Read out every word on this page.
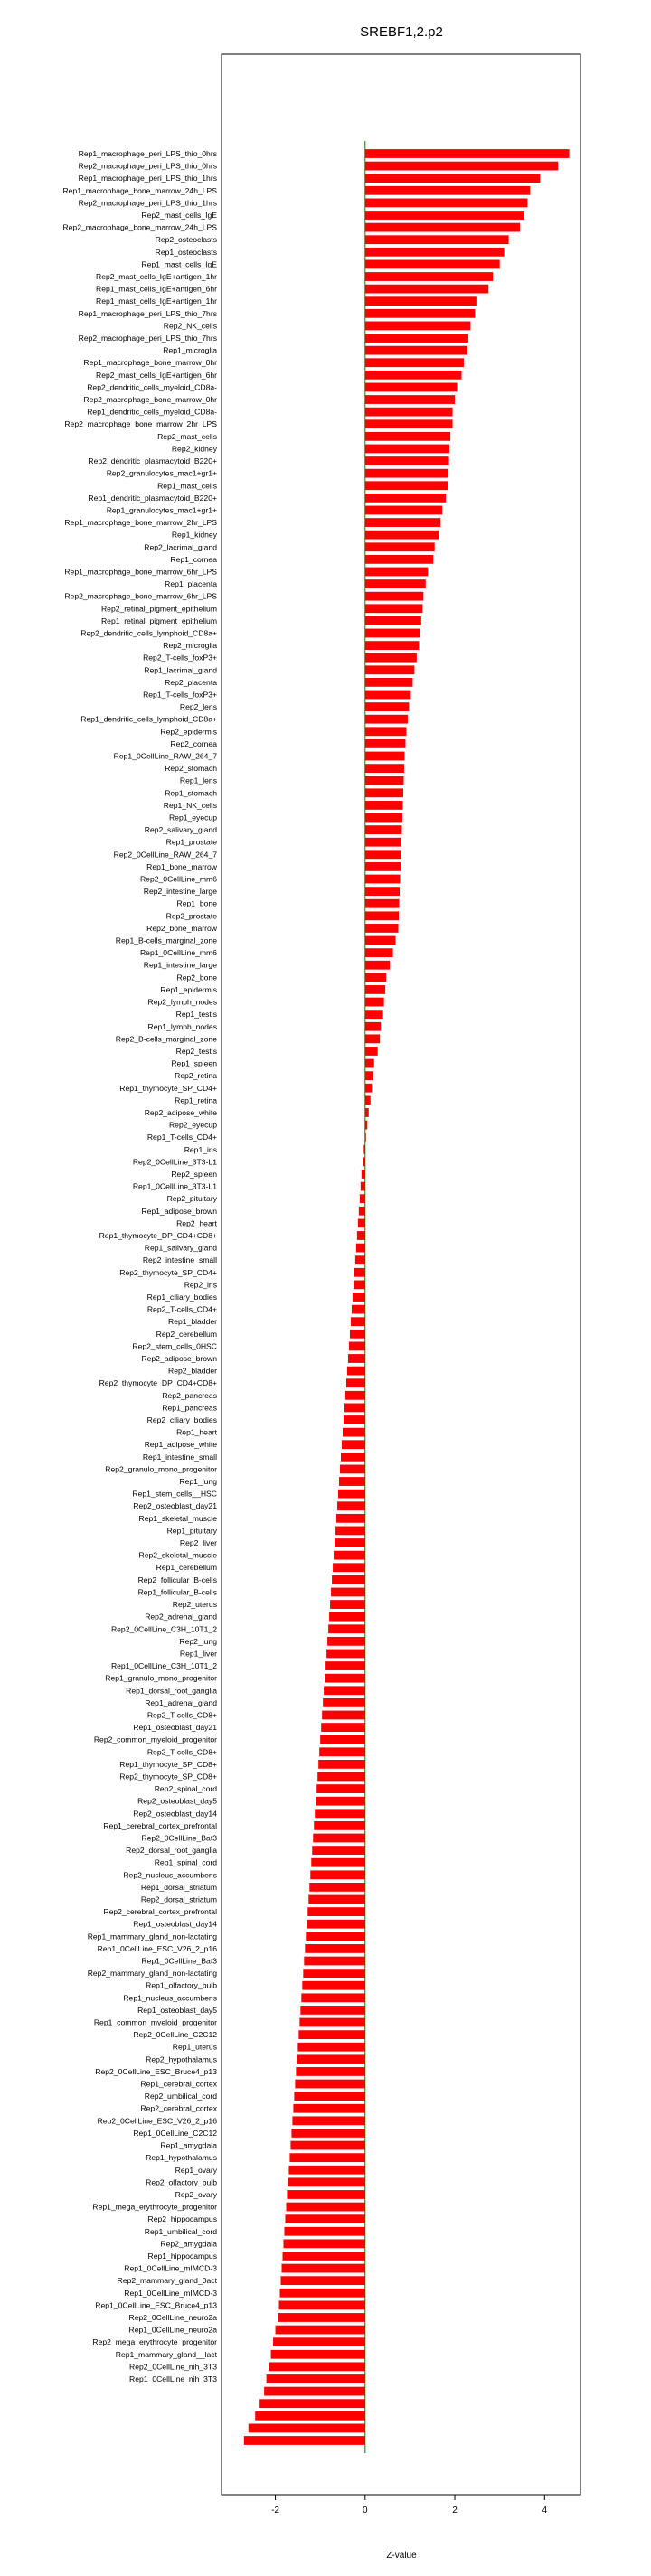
SREBF1,2.p2
Rep1_macrophage_peri_LPS_thio_0hrs
Rep2_macrophage_peri_LPS_thio_0hrs
Rep1_macrophage_peri_LPS_thio_1hrs
Rep1_macrophage_bone_marrow_24h_LPS
Rep2_macrophage_peri_LPS_thio_1hrs
Rep2_mast_cells_IgE
Rep2_macrophage_bone_marrow_24h_LPS
Rep2_osteoclasts
Rep1_osteoclasts
Rep1_mast_cells_IgE
Rep2_mast_cells_IgE+antigen_1hr
Rep1_mast_cells_IgE+antigen_6hr
Rep1_mast_cells_IgE+antigen_1hr
Rep1_macrophage_peri_LPS_thio_7hrs
Rep2_NK_cells
Rep2_macrophage_peri_LPS_thio_7hrs
Rep1_microglia
Rep1_macrophage_bone_marrow_0hr
Rep2_mast_cells_IgE+antigen_6hr
Rep2_dendritic_cells_myeloid_CD8a-
Rep2_macrophage_bone_marrow_0hr
Rep1_dendritic_cells_myeloid_CD8a-
Rep2_macrophage_bone_marrow_2hr_LPS
Rep2_mast_cells
Rep2_kidney
Rep2_dendritic_plasmacytoid_B220+
Rep2_granulocytes_mac1+gr1+
Rep1_mast_cells
Rep1_dendritic_plasmacytoid_B220+
Rep1_granulocytes_mac1+gr1+
Rep1_macrophage_bone_marrow_2hr_LPS
Rep1_kidney
Rep2_lacrimal_gland
Rep1_cornea
Rep1_macrophage_bone_marrow_6hr_LPS
Rep1_placenta
Rep2_macrophage_bone_marrow_6hr_LPS
Rep2_retinal_pigment_epithelium
Rep1_retinal_pigment_epithelium
Rep2_dendritic_cells_lymphoid_CD8a+
Rep2_microglia
Rep2_T-cells_foxP3+
Rep1_lacrimal_gland
Rep2_placenta
Rep1_T-cells_foxP3+
Rep2_lens
Rep1_dendritic_cells_lymphoid_CD8a+
Rep2_epidermis
Rep2_cornea
Rep1_0CellLine_RAW_264_7
Rep2_stomach
Rep1_lens
Rep1_stomach
Rep1_NK_cells
Rep1_eyecup
Rep2_salivary_gland
Rep1_prostate
Rep2_0CellLine_RAW_264_7
Rep1_bone_marrow
Rep2_0CellLine_mm6
Rep2_intestine_large
Rep1_bone
Rep2_prostate
Rep2_bone_marrow
Rep1_B-cells_marginal_zone
Rep1_0CellLine_mm6
Rep1_intestine_large
Rep2_bone
Rep1_epidermis
Rep2_lymph_nodes
Rep1_testis
Rep1_lymph_nodes
Rep2_B-cells_marginal_zone
Rep2_testis
Rep1_spleen
Rep2_retina
Rep1_thymocyte_SP_CD4+
Rep1_retina
Rep2_adipose_white
Rep2_eyecup
Rep1_T-cells_CD4+
Rep1_iris
Rep2_0CellLine_3T3-L1
Rep2_spleen
Rep1_0CellLine_3T3-L1
Rep2_pituitary
Rep1_adipose_brown
Rep2_heart
Rep1_thymocyte_DP_CD4+CD8+
Rep1_salivary_gland
Rep2_intestine_small
Rep2_thymocyte_SP_CD4+
Rep2_iris
Rep1_ciliary_bodies
Rep2_T-cells_CD4+
Rep1_bladder
Rep2_cerebellum
Rep2_stem_cells_0HSC
Rep2_adipose_brown
Rep2_bladder
Rep2_thymocyte_DP_CD4+CD8+
Rep2_pancreas
Rep1_pancreas
Rep2_ciliary_bodies
Rep1_heart
Rep1_adipose_white
Rep1_intestine_small
Rep2_granulo_mono_progenitor
Rep1_lung
Rep1_stem_cells__HSC
Rep2_osteoblast_day21
Rep1_skeletal_muscle
Rep1_pituitary
Rep2_liver
Rep2_skeletal_muscle
Rep1_cerebellum
Rep2_follicular_B-cells
Rep1_follicular_B-cells
Rep2_uterus
Rep2_adrenal_gland
Rep2_0CellLine_C3H_10T1_2
Rep2_lung
Rep1_liver
Rep1_0CellLine_C3H_10T1_2
Rep1_granulo_mono_progenitor
Rep1_dorsal_root_ganglia
Rep1_adrenal_gland
Rep2_T-cells_CD8+
Rep1_osteoblast_day21
Rep2_common_myeloid_progenitor
Rep2_T-cells_CD8+
Rep1_thymocyte_SP_CD8+
Rep2_thymocyte_SP_CD8+
Rep2_spinal_cord
Rep2_osteoblast_day5
Rep2_osteoblast_day14
Rep1_cerebral_cortex_prefrontal
Rep2_0CellLine_Baf3
Rep2_dorsal_root_ganglia
Rep1_spinal_cord
Rep2_nucleus_accumbens
Rep1_dorsal_striatum
Rep2_dorsal_striatum
Rep2_cerebral_cortex_prefrontal
Rep1_osteoblast_day14
Rep1_mammary_gland_non-lactating
Rep1_0CellLine_ESC_V26_2_p16
Rep1_0CellLine_Baf3
Rep2_mammary_gland_non-lactating
Rep1_olfactory_bulb
Rep1_nucleus_accumbens
Rep1_osteoblast_day5
Rep1_common_myeloid_progenitor
Rep2_0CellLine_C2C12
Rep1_uterus
Rep2_hypothalamus
Rep2_0CellLine_ESC_Bruce4_p13
Rep1_cerebral_cortex
Rep2_umbilical_cord
Rep2_cerebral_cortex
Rep2_0CellLine_ESC_V26_2_p16
Rep1_0CellLine_C2C12
Rep1_amygdala
Rep1_hypothalamus
Rep1_ovary
Rep2_olfactory_bulb
Rep2_ovary
Rep1_mega_erythrocyte_progenitor
Rep2_hippocampus
Rep1_umbilical_cord
Rep2_amygdala
Rep1_hippocampus
Rep1_0CellLine_mIMCD-3
Rep2_mammary_gland_0act
Rep1_0CellLine_mIMCD-3
Rep1_0CellLine_ESC_Bruce4_p13
Rep2_0CellLine_neuro2a
Rep1_0CellLine_neuro2a
Rep2_mega_erythrocyte_progenitor
Rep1_mammary_gland__lact
Rep2_0CellLine_nih_3T3
Rep1_0CellLine_nih_3T3
-2	0	2	4
Z-value
